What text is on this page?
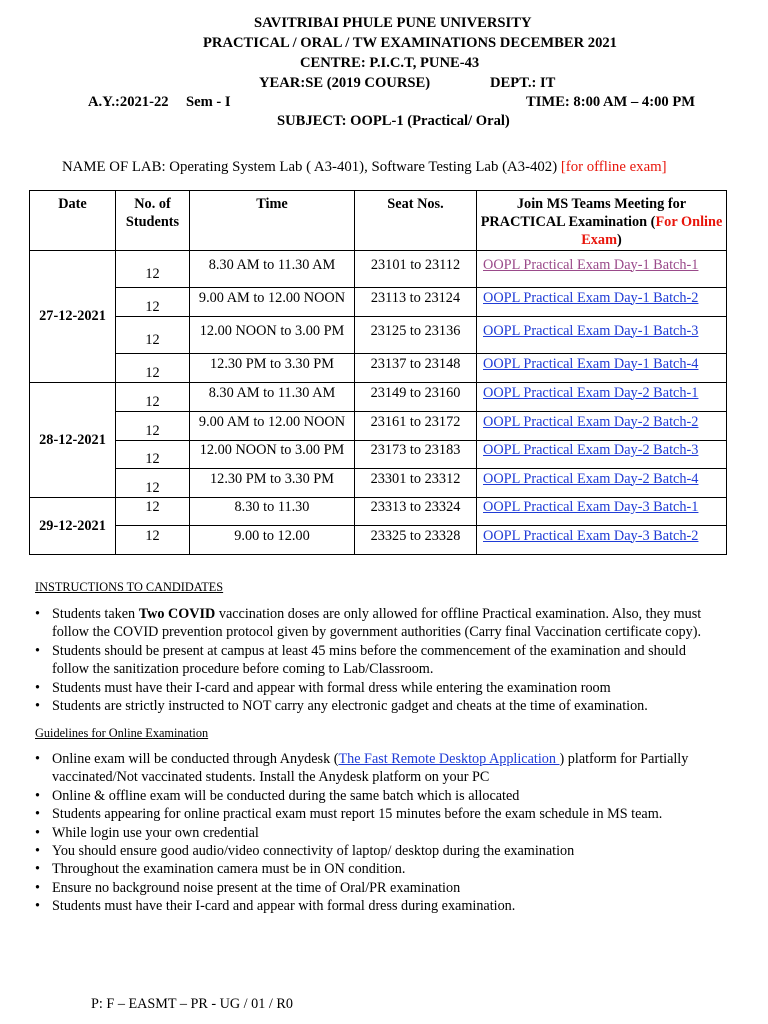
SAVITRIBAI PHULE PUNE UNIVERSITY
PRACTICAL / ORAL / TW EXAMINATIONS DECEMBER 2021
CENTRE: P.I.C.T, PUNE-43
YEAR:SE (2019 COURSE)	DEPT.: IT
A.Y.:2021-22 Sem - I	TIME: 8:00 AM – 4:00 PM
SUBJECT: OOPL-1 (Practical/ Oral)
NAME OF LAB: Operating System Lab ( A3-401), Software Testing Lab (A3-402) [for offline exam]
Date	No. of Students	Time	Seat Nos.	Join MS Teams Meeting for PRACTICAL Examination (For Online Exam)
27-12-2021	12	8.30 AM to 11.30 AM	23101 to 23112	OOPL Practical Exam Day-1 Batch-1
	12	9.00 AM to 12.00 NOON	23113 to 23124	OOPL Practical Exam Day-1 Batch-2
	12	12.00 NOON to 3.00 PM	23125 to 23136	OOPL Practical Exam Day-1 Batch-3
	12	12.30 PM to 3.30 PM	23137 to 23148	OOPL Practical Exam Day-1 Batch-4
28-12-2021	12	8.30 AM to 11.30 AM	23149 to 23160	OOPL Practical Exam Day-2 Batch-1
	12	9.00 AM to 12.00 NOON	23161 to 23172	OOPL Practical Exam Day-2 Batch-2
	12	12.00 NOON to 3.00 PM	23173 to 23183	OOPL Practical Exam Day-2 Batch-3
	12	12.30 PM to 3.30 PM	23301 to 23312	OOPL Practical Exam Day-2 Batch-4
29-12-2021	12	8.30 to 11.30	23313 to 23324	OOPL Practical Exam Day-3 Batch-1
	12	9.00 to 12.00	23325 to 23328	OOPL Practical Exam Day-3 Batch-2
INSTRUCTIONS TO CANDIDATES
• Students taken Two COVID vaccination doses are only allowed for offline Practical examination. Also, they must follow the COVID prevention protocol given by government authorities (Carry final Vaccination certificate copy).
• Students should be present at campus at least 45 mins before the commencement of the examination and should follow the sanitization procedure before coming to Lab/Classroom.
• Students must have their I-card and appear with formal dress while entering the examination room
• Students are strictly instructed to NOT carry any electronic gadget and cheats at the time of examination.
Guidelines for Online Examination
• Online exam will be conducted through Anydesk (The Fast Remote Desktop Application ) platform for Partially vaccinated/Not vaccinated students. Install the Anydesk platform on your PC
• Online & offline exam will be conducted during the same batch which is allocated
• Students appearing for online practical exam must report 15 minutes before the exam schedule in MS team.
• While login use your own credential
• You should ensure good audio/video connectivity of laptop/ desktop during the examination
• Throughout the examination camera must be in ON condition.
• Ensure no background noise present at the time of Oral/PR examination
• Students must have their I-card and appear with formal dress during examination.
P: F – EASMT – PR - UG / 01 / R0
